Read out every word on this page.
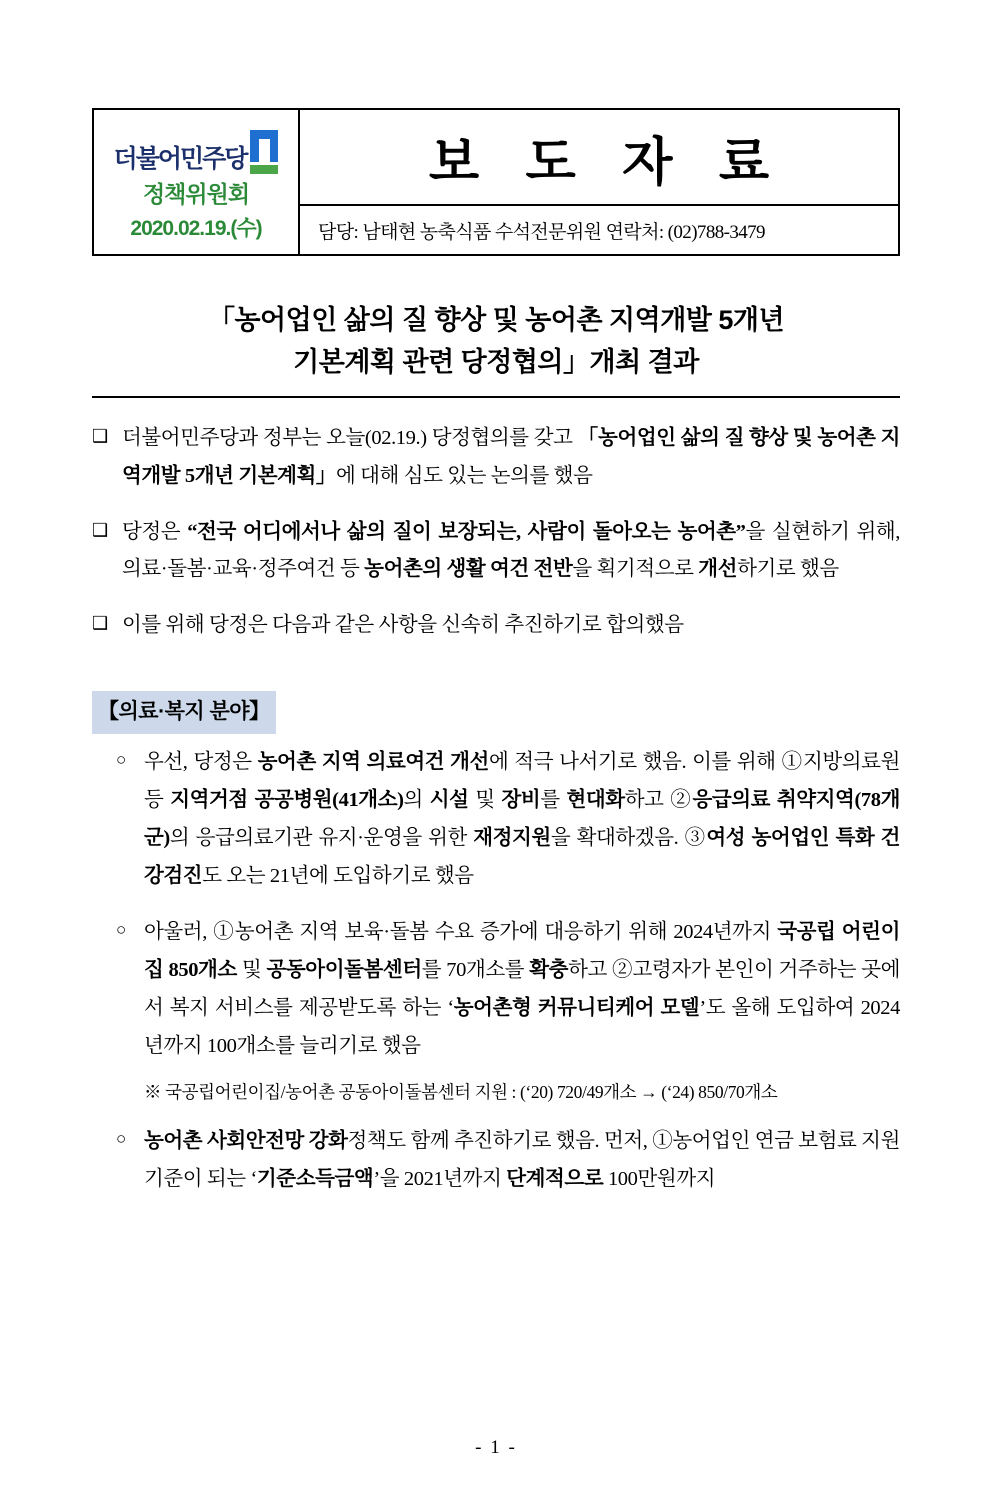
더불어민주당
정책위원회
2020.02.19.(수)
보 도 자 료
담당: 남태현 농축식품 수석전문위원 연락처: (02)788-3479
「농어업인 삶의 질 향상 및 농어촌 지역개발 5개년
기본계획 관련 당정협의」개최 결과
❑ 더불어민주당과 정부는 오늘(02.19.) 당정협의를 갖고 「농어업인 삶의 질 향상 및 농어촌 지역개발 5개년 기본계획」에 대해 심도 있는 논의를 했음
❑ 당정은 “전국 어디에서나 삶의 질이 보장되는, 사람이 돌아오는 농어촌”을 실현하기 위해, 의료·돌봄·교육·정주여건 등 농어촌의 생활 여건 전반을 획기적으로 개선하기로 했음
❑ 이를 위해 당정은 다음과 같은 사항을 신속히 추진하기로 합의했음
【의료·복지 분야】
○ 우선, 당정은 농어촌 지역 의료여건 개선에 적극 나서기로 했음. 이를 위해 ①지방의료원 등 지역거점 공공병원(41개소)의 시설 및 장비를 현대화하고 ②응급의료 취약지역(78개 군)의 응급의료기관 유지·운영을 위한 재정지원을 확대하겠음. ③여성 농어업인 특화 건강검진도 오는 21년에 도입하기로 했음
○ 아울러, ①농어촌 지역 보육·돌봄 수요 증가에 대응하기 위해 2024년까지 국공립 어린이집 850개소 및 공동아이돌봄센터를 70개소를 확충하고 ②고령자가 본인이 거주하는 곳에서 복지 서비스를 제공받도록 하는 ‘농어촌형 커뮤니티케어 모델’도 올해 도입하여 2024년까지 100개소를 늘리기로 했음
※ 국공립어린이집/농어촌 공동아이돌봄센터 지원 : (‘20) 720/49개소 → (‘24) 850/70개소
○ 농어촌 사회안전망 강화정책도 함께 추진하기로 했음. 먼저, ①농어업인 연금 보험료 지원 기준이 되는 ‘기준소득금액’을 2021년까지 단계적으로 100만원까지
- 1 -
